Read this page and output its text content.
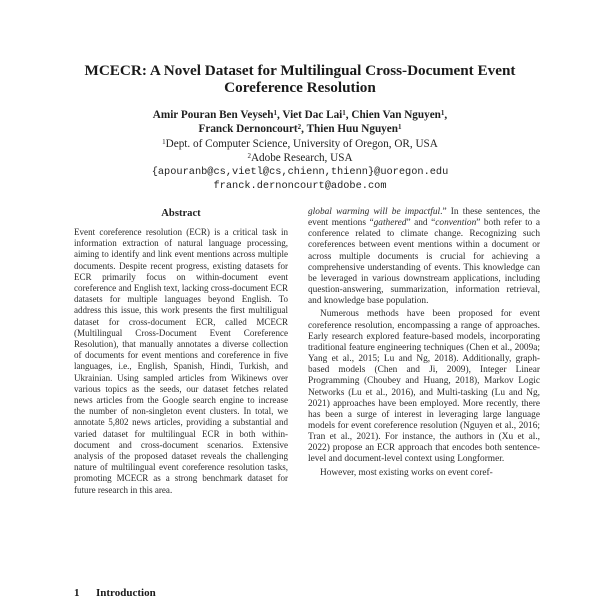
MCECR: A Novel Dataset for Multilingual Cross-Document Event
Coreference Resolution
Amir Pouran Ben Veyseh$^1$, Viet Dac Lai$^1$, Chien Van Nguyen$^1$,
Franck Dernoncourt$^2$, Thien Huu Nguyen$^1$
$^1$Dept. of Computer Science, University of Oregon, OR, USA
$^2$Adobe Research, USA
{apouranb@cs,vietl@cs,chienn,thienn}@uoregon.edu
franck.dernoncourt@adobe.com
Abstract
Event coreference resolution (ECR) is a critical task in information extraction of natural language processing, aiming to identify and link event mentions across multiple documents. Despite recent progress, existing datasets for ECR primarily focus on within-document event coreference and English text, lacking cross-document ECR datasets for multiple languages beyond English. To address this issue, this work presents the first multiligual dataset for cross-document ECR, called MCECR (Multilingual Cross-Document Event Coreference Resolution), that manually annotates a diverse collection of documents for event mentions and coreference in five languages, i.e., English, Spanish, Hindi, Turkish, and Ukrainian. Using sampled articles from Wikinews over various topics as the seeds, our dataset fetches related news articles from the Google search engine to increase the number of non-singleton event clusters. In total, we annotate 5,802 news articles, providing a substantial and varied dataset for multilingual ECR in both within-document and cross-document scenarios. Extensive analysis of the proposed dataset reveals the challenging nature of multilingual event coreference resolution tasks, promoting MCECR as a strong benchmark dataset for future research in this area.
1 Introduction

global warming will be impactful.” In these sentences, the event mentions “gathered” and “convention” both refer to a conference related to climate change. Recognizing such coreferences between event mentions within a document or across multiple documents is crucial for achieving a comprehensive understanding of events. This knowledge can be leveraged in various downstream applications, including question-answering, summarization, information retrieval, and knowledge base population.

Numerous methods have been proposed for event coreference resolution, encompassing a range of approaches. Early research explored feature-based models, incorporating traditional feature engineering techniques (Chen et al., 2009a; Yang et al., 2015; Lu and Ng, 2018). Additionally, graph-based models (Chen and Ji, 2009), Integer Linear Programming (Choubey and Huang, 2018), Markov Logic Networks (Lu et al., 2016), and Multi-tasking (Lu and Ng, 2021) approaches have been employed. More recently, there has been a surge of interest in leveraging large language models for event coreference resolution (Nguyen et al., 2016; Tran et al., 2021). For instance, the authors in (Xu et al., 2022) propose an ECR approach that encodes both sentence-level and document-level context using Longformer.

However, most existing works on event coref-
